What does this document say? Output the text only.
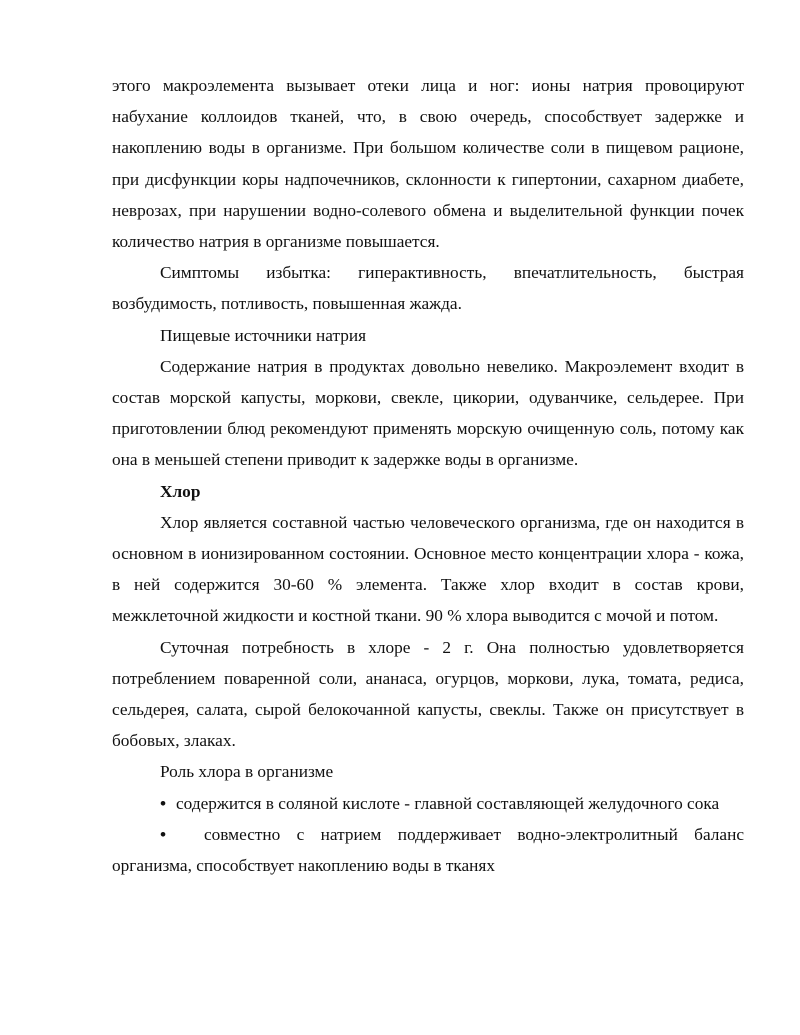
этого макроэлемента вызывает отеки лица и ног: ионы натрия провоцируют набухание коллоидов тканей, что, в свою очередь, способствует задержке и накоплению воды в организме. При большом количестве соли в пищевом рационе, при дисфункции коры надпочечников, склонности к гипертонии, сахарном диабете, неврозах, при нарушении водно-солевого обмена и выделительной функции почек количество натрия в организме повышается.

Симптомы избытка: гиперактивность, впечатлительность, быстрая возбудимость, потливость, повышенная жажда.

Пищевые источники натрия

Содержание натрия в продуктах довольно невелико. Макроэлемент входит в состав морской капусты, моркови, свекле, цикории, одуванчике, сельдерее. При приготовлении блюд рекомендуют применять морскую очищенную соль, потому как она в меньшей степени приводит к задержке воды в организме.

Хлор

Хлор является составной частью человеческого организма, где он находится в основном в ионизированном состоянии. Основное место концентрации хлора - кожа, в ней содержится 30-60 % элемента. Также хлор входит в состав крови, межклеточной жидкости и костной ткани. 90 % хлора выводится с мочой и потом.

Суточная потребность в хлоре - 2 г. Она полностью удовлетворяется потреблением поваренной соли, ананаса, огурцов, моркови, лука, томата, редиса, сельдерея, салата, сырой белокочанной капусты, свеклы. Также он присутствует в бобовых, злаках.

Роль хлора в организме

• содержится в соляной кислоте - главной составляющей желудочного сока

• совместно с натрием поддерживает водно-электролитный баланс организма, способствует накоплению воды в тканях
